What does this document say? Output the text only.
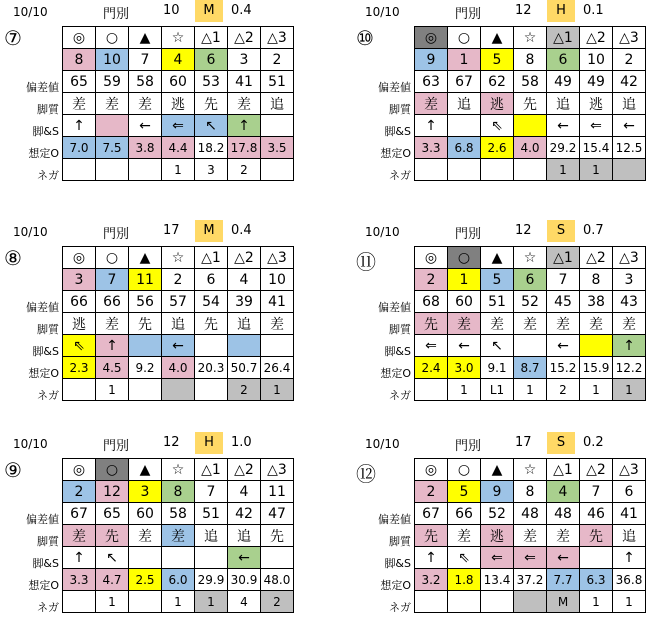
10/10	門別	10	M	0.4
⑦
偏差値
脚質
脚&S
想定O
ネガ
◎	○	▲	☆	△1	△2	△3
8	10	7	4	6	3	2
65	59	58	60	53	41	51
差	差	差	逃	先	差	追
↑		←	⇐	↖	↑	
7.0	7.5	3.8	4.4	18.2	17.8	3.5
			1	3	2	
10/10	門別	12	H	0.1
⑩
偏差値
脚質
脚&S
想定O
ネガ
◎	○	▲	☆	△1	△2	△3
9	1	5	8	6	10	2
63	67	62	58	49	49	42
差	追	逃	先	追	逃	追
↑		⇖		←	⇐	←
3.3	6.8	2.6	4.0	29.2	15.4	12.5
				1	1	
10/10	門別	17	M	0.4
⑧
偏差値
脚質
脚&S
想定O
ネガ
◎	○	▲	☆	△1	△2	△3
3	7	11	2	6	4	10
66	66	56	57	54	39	41
逃	差	先	追	先	追	差
⇖	↑		←			
2.3	4.5	9.2	4.0	20.3	50.7	26.4
	1				2	1
10/10	門別	12	S	0.7
⑪
偏差値
脚質
脚&S
想定O
ネガ
◎	○	▲	☆	△1	△2	△3
2	1	5	6	7	8	3
68	60	51	52	45	38	43
先	差	差	差	差	差	差
⇐	←	↖		←		↑
2.4	3.0	9.1	8.7	15.2	15.9	12.2
	1	L1	1	2	1	1
10/10	門別	12	H	1.0
⑨
偏差値
脚質
脚&S
想定O
ネガ
◎	○	▲	☆	△1	△2	△3
2	12	3	8	7	4	11
67	65	60	58	51	42	47
差	先	差	差	追	追	先
↑	↖				←	
3.3	4.7	2.5	6.0	29.9	30.9	48.0
	1		1	1	4	2
10/10	門別	17	S	0.2
⑫
偏差値
脚質
脚&S
想定O
ネガ
◎	○	▲	☆	△1	△2	△3
2	5	9	8	4	7	6
67	66	52	48	48	46	41
先	差	逃	差	差	先	追
↑	⇖	⇐	⇐	←		↑
3.2	1.8	13.4	37.2	7.7	6.3	36.8
				M	1	1
